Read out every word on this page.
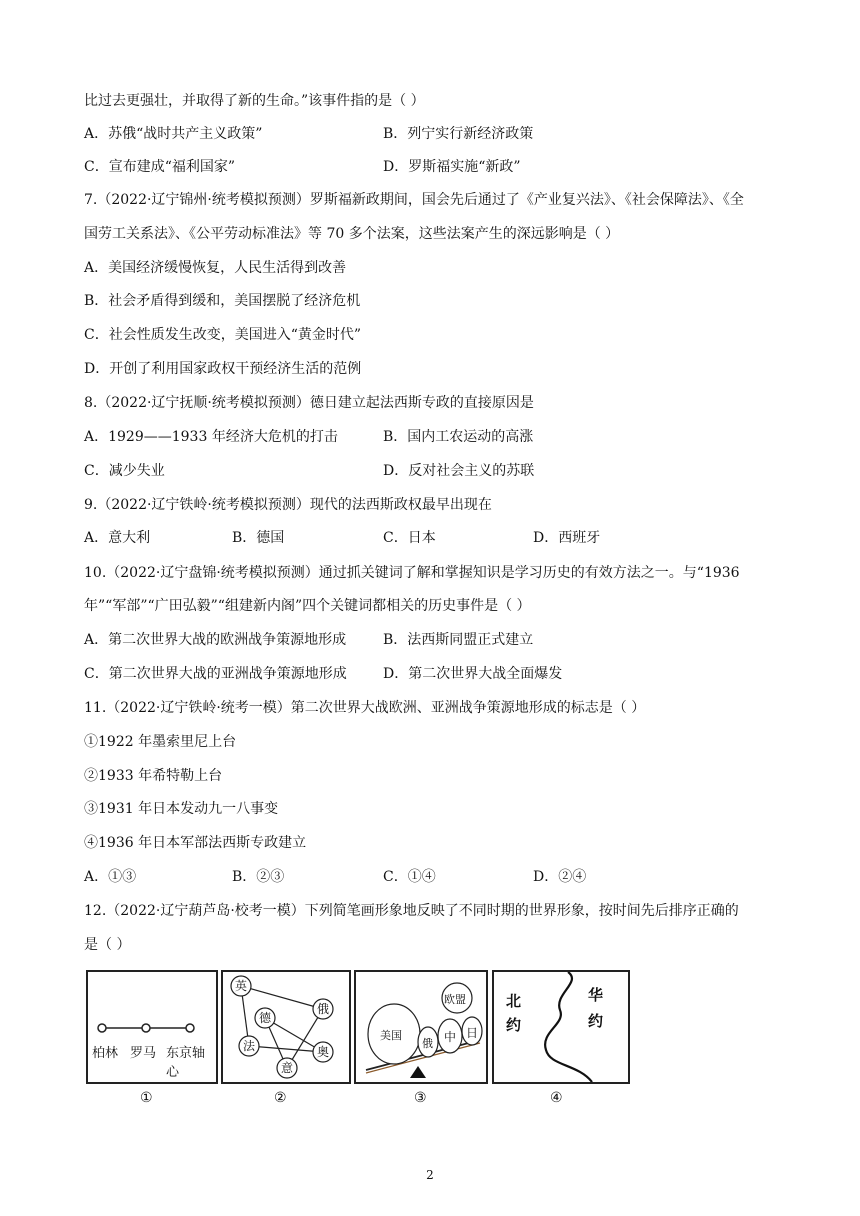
比过去更强壮，并取得了新的生命。”该事件指的是（ ）
A．苏俄“战时共产主义政策”	B．列宁实行新经济政策
C．宣布建成“福利国家”	D．罗斯福实施“新政”
7.（2022·辽宁锦州·统考模拟预测）罗斯福新政期间，国会先后通过了《产业复兴法》、《社会保障法》、《全
国劳工关系法》、《公平劳动标准法》等 70 多个法案，这些法案产生的深远影响是（ ）
A．美国经济缓慢恢复，人民生活得到改善
B．社会矛盾得到缓和，美国摆脱了经济危机
C．社会性质发生改变，美国进入“黄金时代”
D．开创了利用国家政权干预经济生活的范例
8.（2022·辽宁抚顺·统考模拟预测）德日建立起法西斯专政的直接原因是
A．1929——1933 年经济大危机的打击	B．国内工农运动的高涨
C．减少失业	D．反对社会主义的苏联
9.（2022·辽宁铁岭·统考模拟预测）现代的法西斯政权最早出现在
A．意大利	B．德国	C．日本	D．西班牙
10.（2022·辽宁盘锦·统考模拟预测）通过抓关键词了解和掌握知识是学习历史的有效方法之一。与“1936
年”“军部”“广田弘毅”“组建新内阁”四个关键词都相关的历史事件是（ ）
A．第二次世界大战的欧洲战争策源地形成	B．法西斯同盟正式建立
C．第二次世界大战的亚洲战争策源地形成	D．第二次世界大战全面爆发
11.（2022·辽宁铁岭·统考一模）第二次世界大战欧洲、亚洲战争策源地形成的标志是（ ）
①1922 年墨索里尼上台
②1933 年希特勒上台
③1931 年日本发动九一八事变
④1936 年日本军部法西斯专政建立
A．①③	B．②③	C．①④	D．②④
12.（2022·辽宁葫芦岛·校考一模）下列简笔画形象地反映了不同时期的世界形象，按时间先后排序正确的
是（ ）
柏林 罗马 东京轴心
①
英
俄
德
法	奥
意
②
欧盟
美国
俄 中 日
③
北
约
华
约
④
2
